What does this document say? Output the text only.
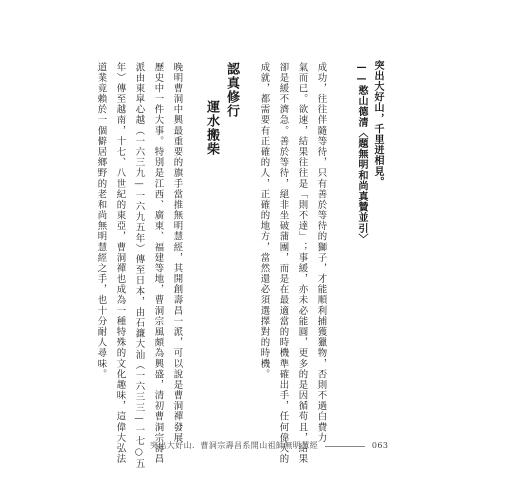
突出大好山，千里迸相見。
——憨山德清〈題無明和尚真贊並引〉
成功，往往伴隨等待，只有善於等待的獅子，才能順利捕獲獵物，否則不過白費力
氣而已。欲速，結果往往是「則不達」；事緩，亦未必能圓，更多的是因循苟且，結果
卻是緩不濟急。善於等待，絕非坐破蒲團，而是在最適當的時機準確出手，任何偉大的
成就，都需要有正確的人，正確的地方，當然還必須選擇對的時機。
認真修行
運水搬柴
晚明曹洞中興最重要的旗手當推無明慧經，其開創壽昌一派，可以說是曹洞禪發展
歷史中一件大事。特別是江西、廣東、福建等地，曹洞宗風頗為興盛，清初曹洞宗壽昌
派由東皐心越（一六三九—一六九五年）傳至日本，由石濂大汕（一六三三—一七○五
年）傳至越南，十七、八世紀的東亞，曹洞禪也成為一種特殊的文化趣味，這偉大弘法
道業竟賴於一個僻居鄉野的老和尚無明慧經之手，也十分耐人尋味。
突出大好山．曹洞宗壽昌系開山祖師無明慧經	063
